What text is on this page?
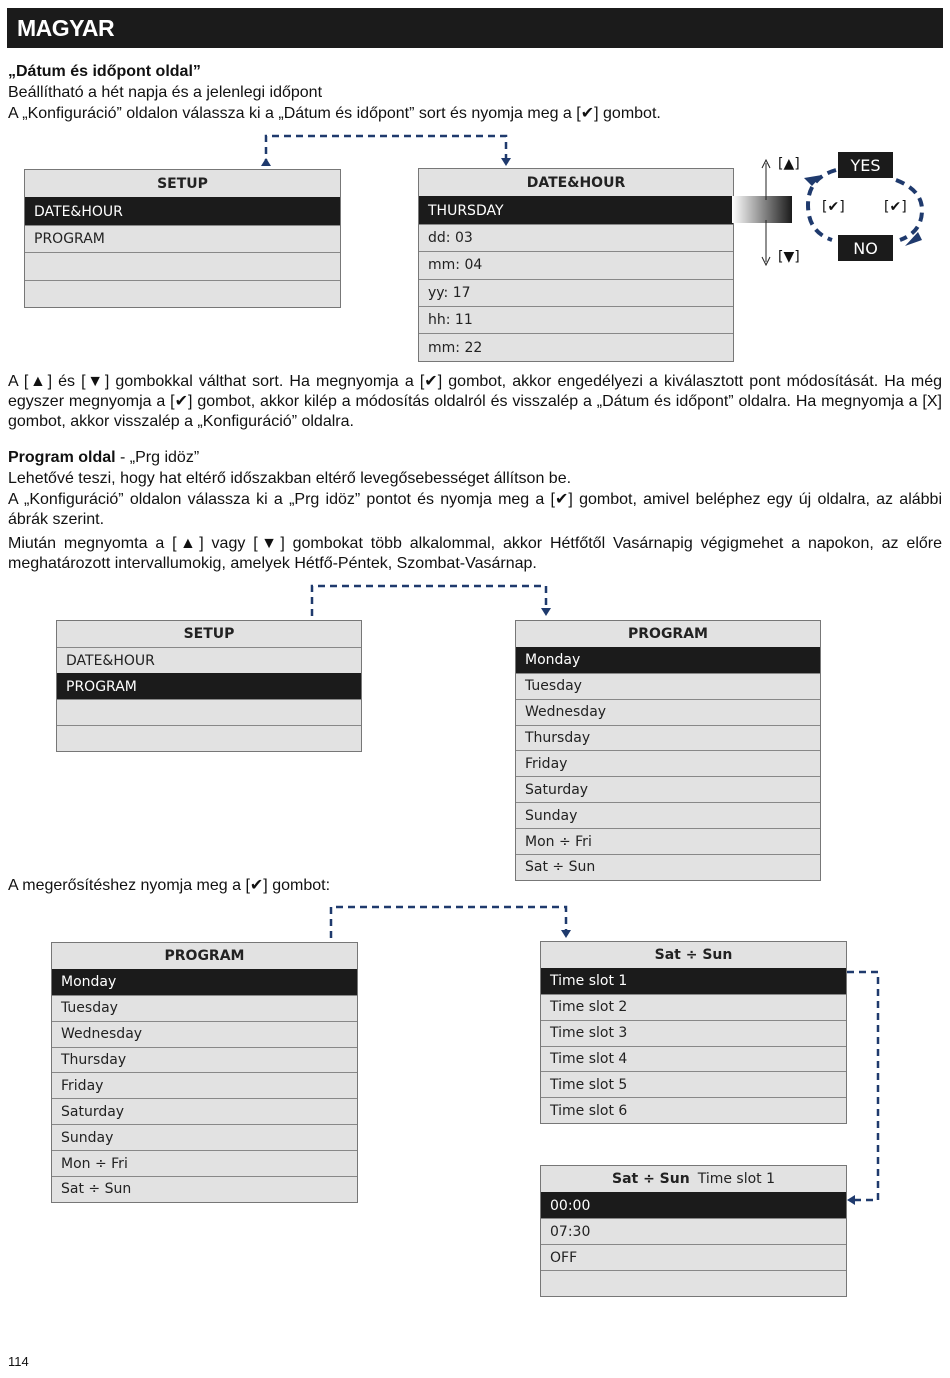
MAGYAR
„Dátum és időpont oldal”
Beállítható a hét napja és a jelenlegi időpont
A „Konfiguráció” oldalon válassza ki a „Dátum és időpont” sort és nyomja meg a [✔] gombot.
SETUP
DATE&HOUR
PROGRAM
DATE&HOUR
THURSDAY
dd: 03
mm: 04
yy: 17
hh: 11
mm: 22
[▲]
[▼]
[✔]	[✔]
YES
NO
A [▲] és [▼] gombokkal válthat sort. Ha megnyomja a [✔] gombot, akkor engedélyezi a kiválasztott pont módosítását. Ha még egyszer megnyomja a [✔] gombot, akkor kilép a módosítás oldalról és visszalép a „Dátum és időpont” oldalra. Ha megnyomja a [X] gombot, akkor visszalép a „Konfiguráció” oldalra.
Program oldal - „Prg idöz”
Lehetővé teszi, hogy hat eltérő időszakban eltérő levegősebességet állítson be.
A „Konfiguráció” oldalon válassza ki a „Prg idöz” pontot és nyomja meg a [✔] gombot, amivel beléphez egy új oldalra, az alábbi ábrák szerint.
Miután megnyomta a [▲] vagy [▼] gombokat több alkalommal, akkor Hétfőtől Vasárnapig végigmehet a napokon, az előre meghatározott intervallumokig, amelyek Hétfő-Péntek, Szombat-Vasárnap.
SETUP
DATE&HOUR
PROGRAM
PROGRAM
Monday
Tuesday
Wednesday
Thursday
Friday
Saturday
Sunday
Mon ÷ Fri
Sat ÷ Sun
A megerősítéshez nyomja meg a [✔] gombot:
PROGRAM
Monday
Tuesday
Wednesday
Thursday
Friday
Saturday
Sunday
Mon ÷ Fri
Sat ÷ Sun
Sat ÷ Sun
Time slot 1
Time slot 2
Time slot 3
Time slot 4
Time slot 5
Time slot 6
Sat ÷ Sun Time slot 1
00:00
07:30
OFF
114
